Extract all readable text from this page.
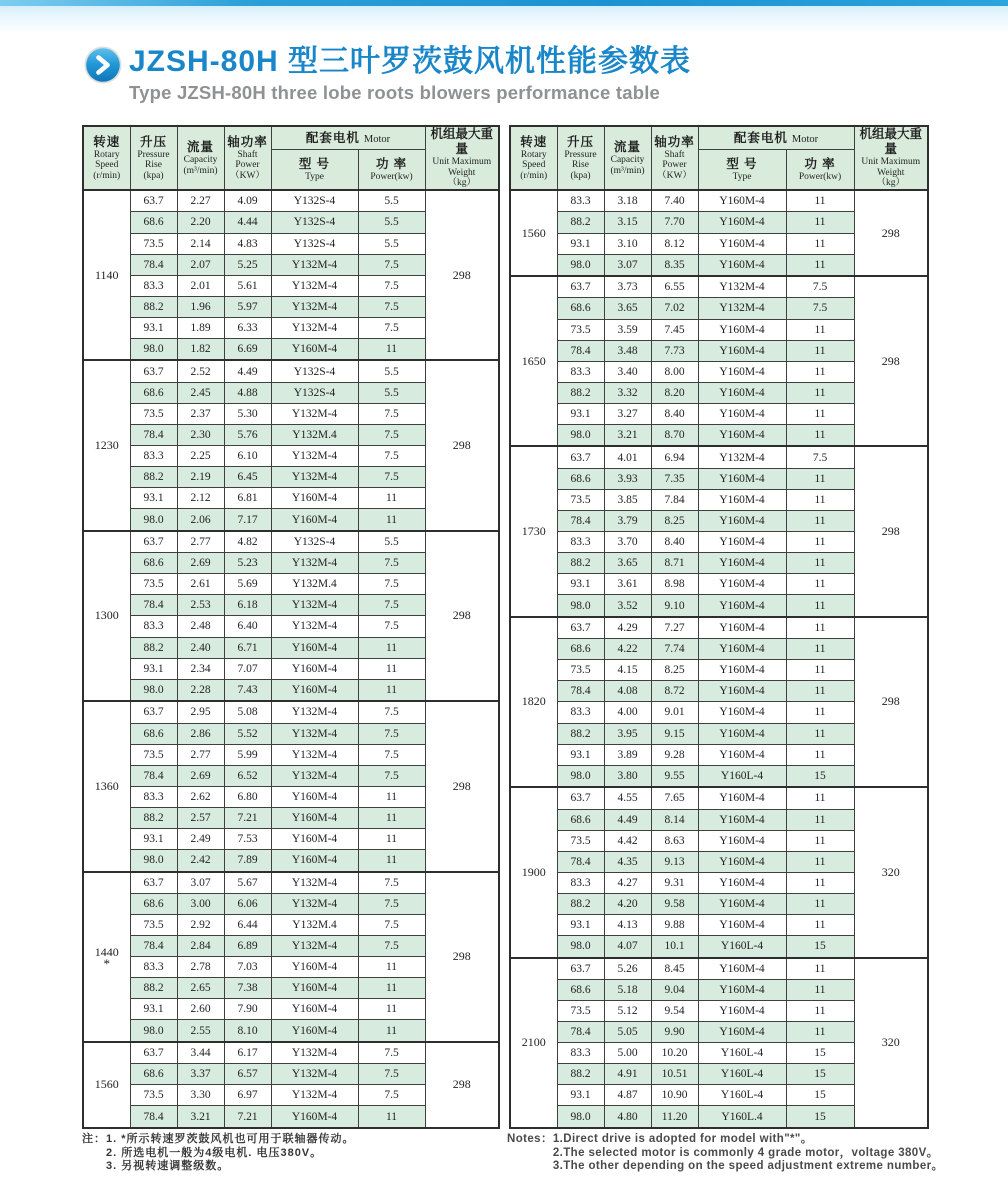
JZSH-80H 型三叶罗茨鼓风机性能参数表
Type JZSH-80H three lobe roots blowers performance table
转速
Rotary Speed
(r/min)

升压
Pressure Rise
(kpa)

流量
Capacity
(m³/min)

轴功率
Shaft Power
（KW）
	配套电机 Motor	机组最大重量
Unit Maximum Weight
（kg）

型 号
Type

功 率
Power(kw)

1140	63.7	2.27	4.09	Y132S-4	5.5	298

	68.6	2.20	4.44	Y132S-4	5.5	
	73.5	2.14	4.83	Y132S-4	5.5	
	78.4	2.07	5.25	Y132M-4	7.5	
	83.3	2.01	5.61	Y132M-4	7.5	
	88.2	1.96	5.97	Y132M-4	7.5	
	93.1	1.89	6.33	Y132M-4	7.5	
	98.0	1.82	6.69	Y160M-4	11	

1230	63.7	2.52	4.49	Y132S-4	5.5	298

	68.6	2.45	4.88	Y132S-4	5.5	
	73.5	2.37	5.30	Y132M-4	7.5	
	78.4	2.30	5.76	Y132M.4	7.5	
	83.3	2.25	6.10	Y132M-4	7.5	
	88.2	2.19	6.45	Y132M-4	7.5	
	93.1	2.12	6.81	Y160M-4	11	
	98.0	2.06	7.17	Y160M-4	11	

1300	63.7	2.77	4.82	Y132S-4	5.5	298

	68.6	2.69	5.23	Y132M-4	7.5	
	73.5	2.61	5.69	Y132M.4	7.5	
	78.4	2.53	6.18	Y132M-4	7.5	
	83.3	2.48	6.40	Y132M-4	7.5	
	88.2	2.40	6.71	Y160M-4	11	
	93.1	2.34	7.07	Y160M-4	11	
	98.0	2.28	7.43	Y160M-4	11	

1360	63.7	2.95	5.08	Y132M-4	7.5	298

	68.6	2.86	5.52	Y132M-4	7.5	
	73.5	2.77	5.99	Y132M-4	7.5	
	78.4	2.69	6.52	Y132M-4	7.5	
	83.3	2.62	6.80	Y160M-4	11	
	88.2	2.57	7.21	Y160M-4	11	
	93.1	2.49	7.53	Y160M-4	11	
	98.0	2.42	7.89	Y160M-4	11	

1440
*	63.7	3.07	5.67	Y132M-4	7.5	298

	68.6	3.00	6.06	Y132M-4	7.5	
	73.5	2.92	6.44	Y132M.4	7.5	
	78.4	2.84	6.89	Y132M-4	7.5	
	83.3	2.78	7.03	Y160M-4	11	
	88.2	2.65	7.38	Y160M-4	11	
	93.1	2.60	7.90	Y160M-4	11	
	98.0	2.55	8.10	Y160M-4	11	

1560	63.7	3.44	6.17	Y132M-4	7.5	298

	68.6	3.37	6.57	Y132M-4	7.5	
	73.5	3.30	6.97	Y132M-4	7.5	
	78.4	3.21	7.21	Y160M-4	11	
转速
Rotary Speed
(r/min)

升压
Pressure Rise
(kpa)

流量
Capacity
(m³/min)

轴功率
Shaft Power
（KW）
	配套电机 Motor	机组最大重量
Unit Maximum Weight
（kg）

型 号
Type

功 率
Power(kw)

1560	83.3	3.18	7.40	Y160M-4	11	298

	88.2	3.15	7.70	Y160M-4	11	
	93.1	3.10	8.12	Y160M-4	11	
	98.0	3.07	8.35	Y160M-4	11	

1650	63.7	3.73	6.55	Y132M-4	7.5	298

	68.6	3.65	7.02	Y132M-4	7.5	
	73.5	3.59	7.45	Y160M-4	11	
	78.4	3.48	7.73	Y160M-4	11	
	83.3	3.40	8.00	Y160M-4	11	
	88.2	3.32	8.20	Y160M-4	11	
	93.1	3.27	8.40	Y160M-4	11	
	98.0	3.21	8.70	Y160M-4	11	

1730	63.7	4.01	6.94	Y132M-4	7.5	298

	68.6	3.93	7.35	Y160M-4	11	
	73.5	3.85	7.84	Y160M-4	11	
	78.4	3.79	8.25	Y160M-4	11	
	83.3	3.70	8.40	Y160M-4	11	
	88.2	3.65	8.71	Y160M-4	11	
	93.1	3.61	8.98	Y160M-4	11	
	98.0	3.52	9.10	Y160M-4	11	

1820	63.7	4.29	7.27	Y160M-4	11	298

	68.6	4.22	7.74	Y160M-4	11	
	73.5	4.15	8.25	Y160M-4	11	
	78.4	4.08	8.72	Y160M-4	11	
	83.3	4.00	9.01	Y160M-4	11	
	88.2	3.95	9.15	Y160M-4	11	
	93.1	3.89	9.28	Y160M-4	11	
	98.0	3.80	9.55	Y160L-4	15	

1900	63.7	4.55	7.65	Y160M-4	11	320

	68.6	4.49	8.14	Y160M-4	11	
	73.5	4.42	8.63	Y160M-4	11	
	78.4	4.35	9.13	Y160M-4	11	
	83.3	4.27	9.31	Y160M-4	11	
	88.2	4.20	9.58	Y160M-4	11	
	93.1	4.13	9.88	Y160M-4	11	
	98.0	4.07	10.1	Y160L-4	15	

2100	63.7	5.26	8.45	Y160M-4	11	320

	68.6	5.18	9.04	Y160M-4	11	
	73.5	5.12	9.54	Y160M-4	11	
	78.4	5.05	9.90	Y160M-4	11	
	83.3	5.00	10.20	Y160L-4	15	
	88.2	4.91	10.51	Y160L-4	15	
	93.1	4.87	10.90	Y160L-4	15	
	98.0	4.80	11.20	Y160L.4	15	
注： 1. *所示转速罗茨鼓风机也可用于联轴器传动。
2. 所选电机一般为4级电机. 电压380V。
3. 另视转速调整级数。
Notes： 1.Direct drive is adopted for model with"*"。
2.The selected motor is commonly 4 grade motor，voltage 380V。
3.The other depending on the speed adjustment extreme number。
